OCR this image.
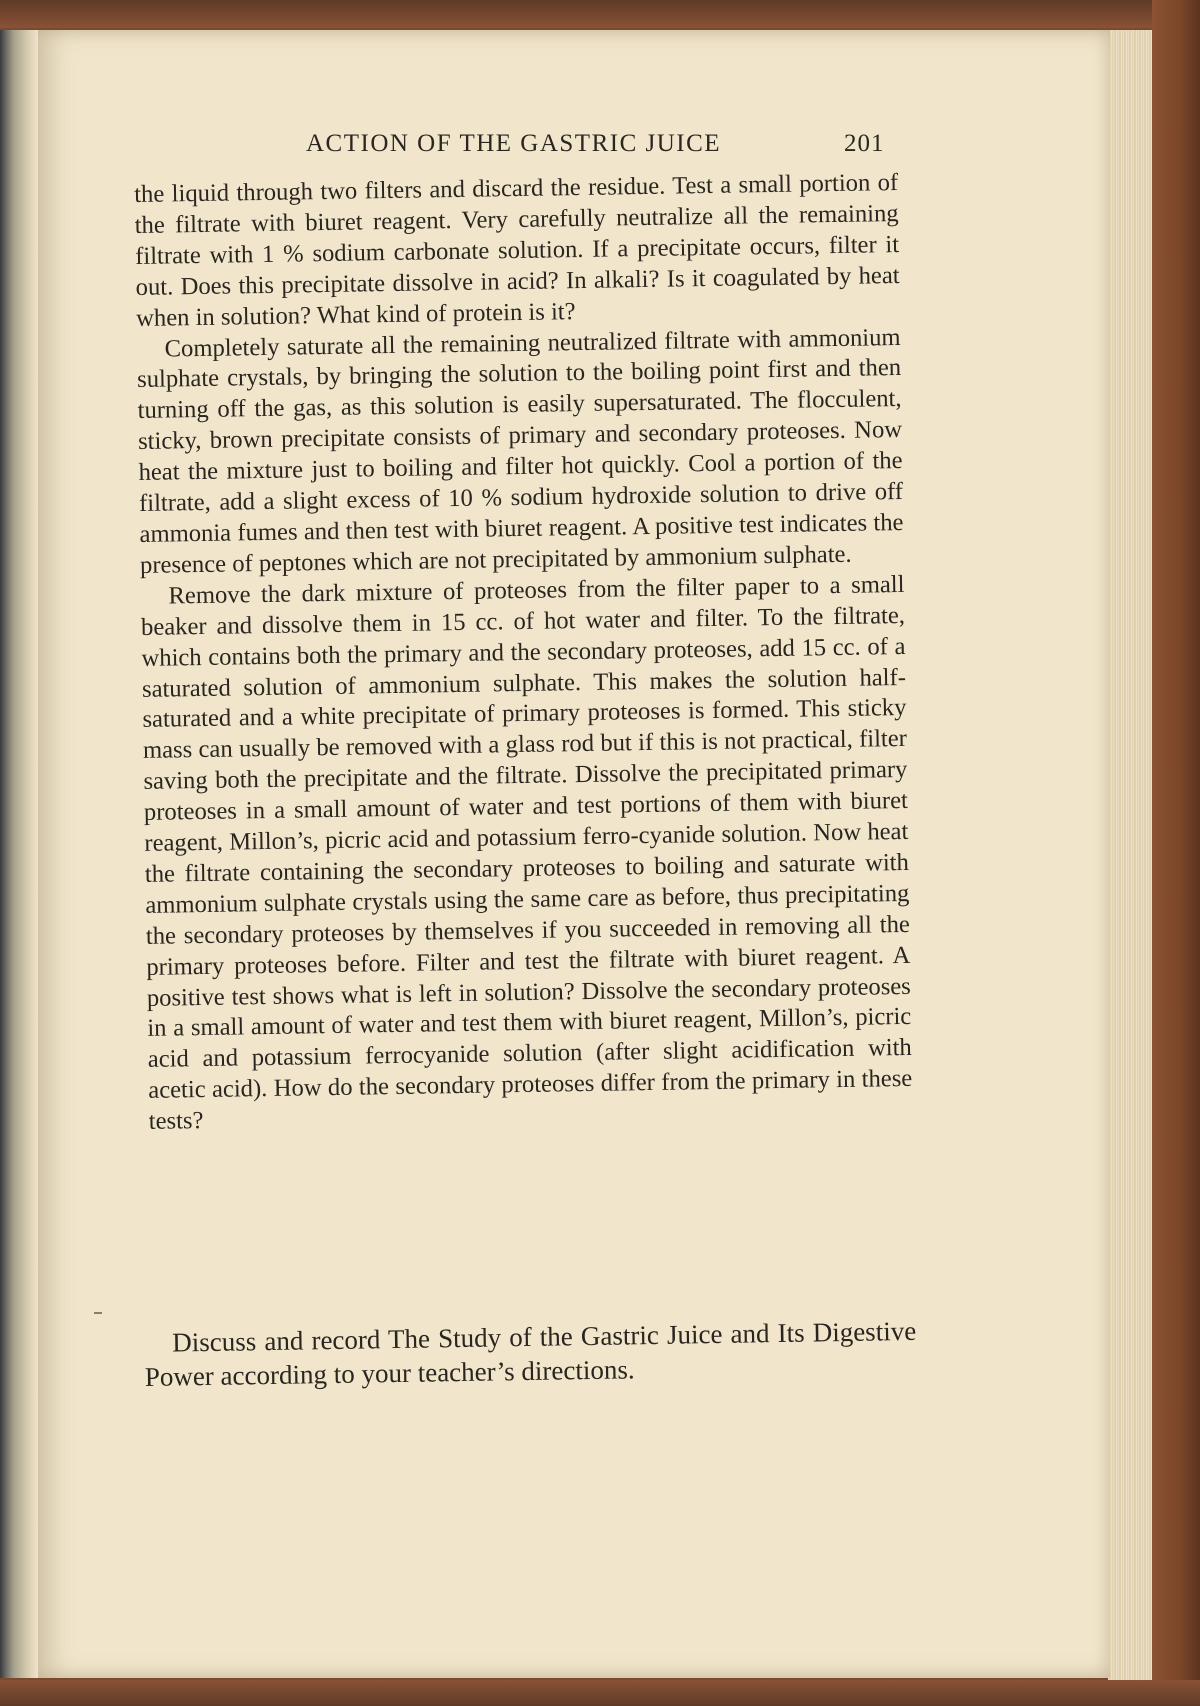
ACTION OF THE GASTRIC JUICE	201

the liquid through two filters and discard the residue. Test a small portion of the filtrate with biuret reagent. Very carefully neutralize all the remaining filtrate with 1 % sodium carbonate solution. If a precipitate occurs, filter it out. Does this precipitate dissolve in acid? In alkali? Is it coagulated by heat when in solution? What kind of protein is it?

Completely saturate all the remaining neutralized filtrate with ammonium sulphate crystals, by bringing the solution to the boiling point first and then turning off the gas, as this solution is easily supersaturated. The flocculent, sticky, brown precipitate consists of primary and secondary proteoses. Now heat the mixture just to boiling and filter hot quickly. Cool a portion of the filtrate, add a slight excess of 10 % sodium hydroxide solution to drive off ammonia fumes and then test with biuret reagent. A positive test indicates the presence of peptones which are not precipitated by ammonium sulphate.

Remove the dark mixture of proteoses from the filter paper to a small beaker and dissolve them in 15 cc. of hot water and filter. To the filtrate, which contains both the primary and the secondary proteoses, add 15 cc. of a saturated solution of ammonium sulphate. This makes the solution half-saturated and a white precipitate of primary proteoses is formed. This sticky mass can usually be removed with a glass rod but if this is not practical, filter saving both the precipitate and the filtrate. Dissolve the precipitated primary proteoses in a small amount of water and test portions of them with biuret reagent, Millon’s, picric acid and potassium ferro-cyanide solution. Now heat the filtrate containing the secondary proteoses to boiling and saturate with ammonium sulphate crystals using the same care as before, thus precipitating the secondary proteoses by themselves if you succeeded in removing all the primary proteoses before. Filter and test the filtrate with biuret reagent. A positive test shows what is left in solution? Dissolve the secondary proteoses in a small amount of water and test them with biuret reagent, Millon’s, picric acid and potassium ferrocyanide solution (after slight acidification with acetic acid). How do the secondary proteoses differ from the primary in these tests?

Discuss and record The Study of the Gastric Juice and Its Digestive Power according to your teacher’s directions.
